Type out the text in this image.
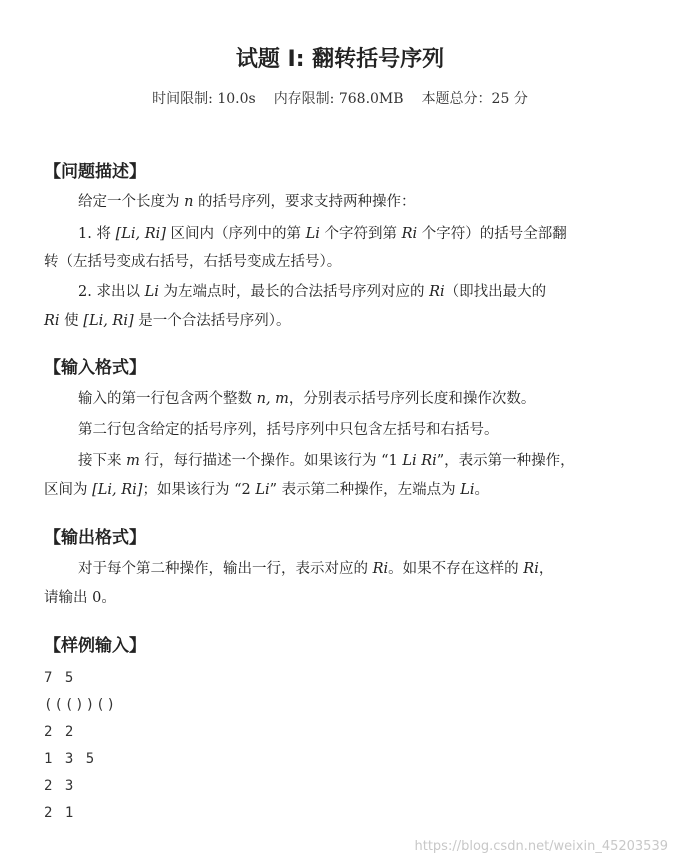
试题 I: 翻转括号序列
时间限制: 10.0s 内存限制: 768.0MB 本题总分：25 分
【问题描述】
给定一个长度为 n 的括号序列，要求支持两种操作：
1. 将 [Li, Ri] 区间内（序列中的第 Li 个字符到第 Ri 个字符）的括号全部翻
转（左括号变成右括号，右括号变成左括号）。
2. 求出以 Li 为左端点时，最长的合法括号序列对应的 Ri（即找出最大的
Ri 使 [Li, Ri] 是一个合法括号序列）。
【输入格式】
输入的第一行包含两个整数 n, m，分别表示括号序列长度和操作次数。
第二行包含给定的括号序列，括号序列中只包含左括号和右括号。
接下来 m 行，每行描述一个操作。如果该行为 “1 Li Ri”，表示第一种操作，
区间为 [Li, Ri]；如果该行为 “2 Li” 表示第二种操作，左端点为 Li。
【输出格式】
对于每个第二种操作，输出一行，表示对应的 Ri。如果不存在这样的 Ri，
请输出 0。
【样例输入】
7 5
((())()
2 2
1 3 5
2 3
2 1
https://blog.csdn.net/weixin_45203539
